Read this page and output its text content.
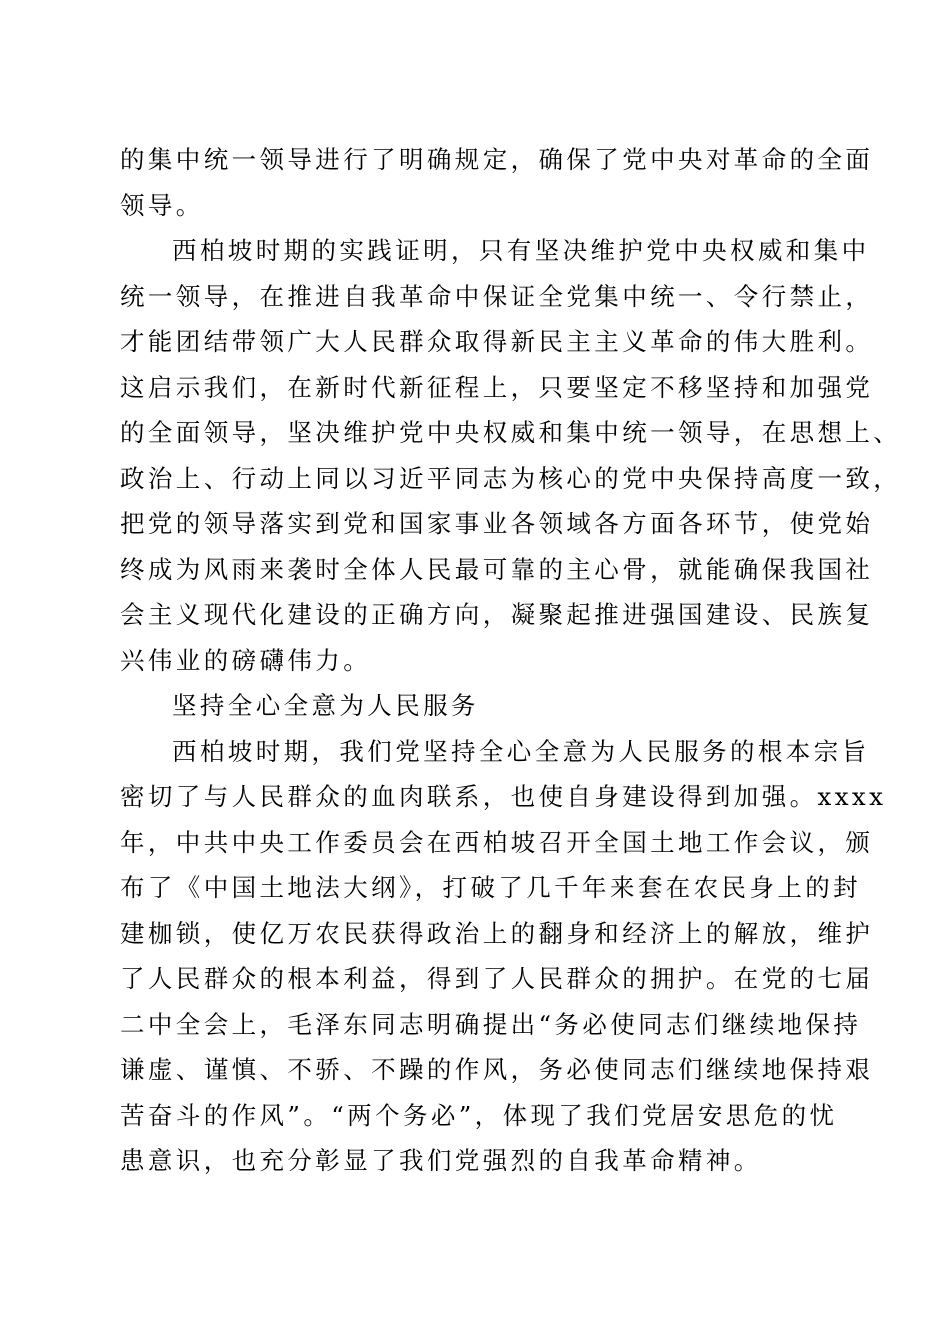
的集中统一领导进行了明确规定，确保了党中央对革命的全面
领导。
西柏坡时期的实践证明，只有坚决维护党中央权威和集中
统一领导，在推进自我革命中保证全党集中统一、令行禁止，
才能团结带领广大人民群众取得新民主主义革命的伟大胜利。
这启示我们，在新时代新征程上，只要坚定不移坚持和加强党
的全面领导，坚决维护党中央权威和集中统一领导，在思想上、
政治上、行动上同以习近平同志为核心的党中央保持高度一致，
把党的领导落实到党和国家事业各领域各方面各环节，使党始
终成为风雨来袭时全体人民最可靠的主心骨，就能确保我国社
会主义现代化建设的正确方向，凝聚起推进强国建设、民族复
兴伟业的磅礴伟力。
坚持全心全意为人民服务
西柏坡时期，我们党坚持全心全意为人民服务的根本宗旨
密切了与人民群众的血肉联系，也使自身建设得到加强。xxxx
年，中共中央工作委员会在西柏坡召开全国土地工作会议，颁
布了《中国土地法大纲》，打破了几千年来套在农民身上的封
建枷锁，使亿万农民获得政治上的翻身和经济上的解放，维护
了人民群众的根本利益，得到了人民群众的拥护。在党的七届
二中全会上，毛泽东同志明确提出“务必使同志们继续地保持
谦虚、谨慎、不骄、不躁的作风，务必使同志们继续地保持艰
苦奋斗的作风”。“两个务必”，体现了我们党居安思危的忧
患意识，也充分彰显了我们党强烈的自我革命精神。
